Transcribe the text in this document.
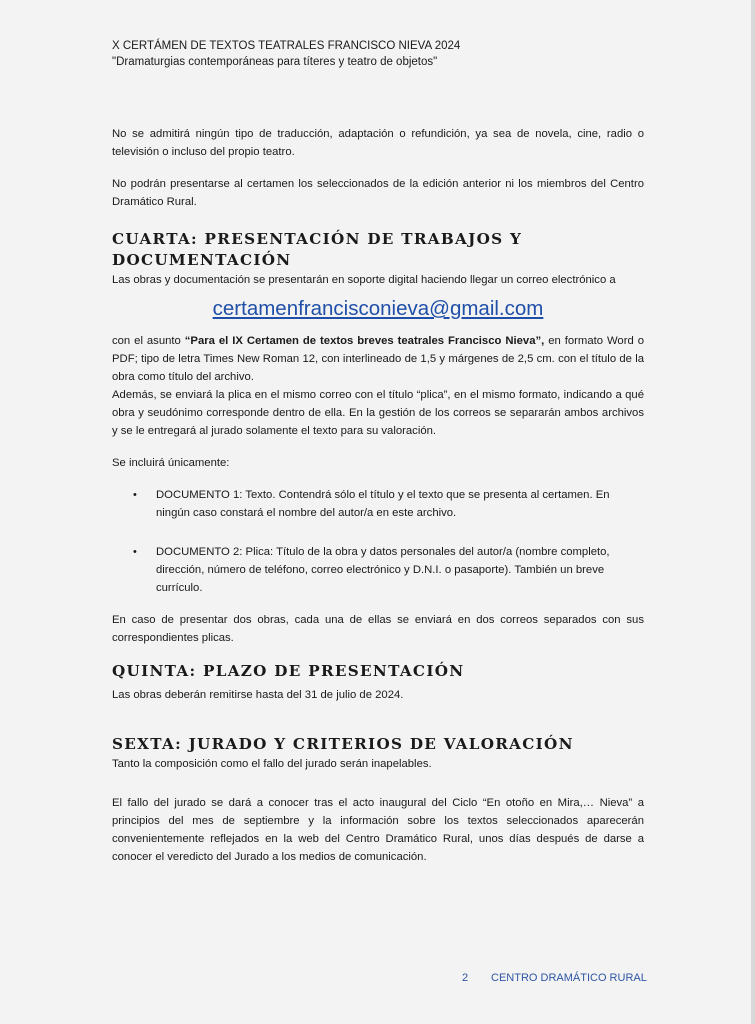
X CERTÁMEN DE TEXTOS TEATRALES FRANCISCO NIEVA 2024
"Dramaturgias contemporáneas para títeres y teatro de objetos"

No se admitirá ningún tipo de traducción, adaptación o refundición, ya sea de novela, cine, radio o televisión o incluso del propio teatro.

No podrán presentarse al certamen los seleccionados de la edición anterior ni los miembros del Centro Dramático Rural.

CUARTA: PRESENTACIÓN DE TRABAJOS Y DOCUMENTACIÓN

Las obras y documentación se presentarán en soporte digital haciendo llegar un correo electrónico a

certamenfrancisconieva@gmail.com

con el asunto “Para el IX Certamen de textos breves teatrales Francisco Nieva”, en formato Word o PDF; tipo de letra Times New Roman 12, con interlineado de 1,5 y márgenes de 2,5 cm. con el título de la obra como título del archivo.

Además, se enviará la plica en el mismo correo con el título “plica”, en el mismo formato, indicando a qué obra y seudónimo corresponde dentro de ella. En la gestión de los correos se separarán ambos archivos y se le entregará al jurado solamente el texto para su valoración.

Se incluirá únicamente:

• DOCUMENTO 1: Texto. Contendrá sólo el título y el texto que se presenta al certamen. En ningún caso constará el nombre del autor/a en este archivo.
• DOCUMENTO 2: Plica: Título de la obra y datos personales del autor/a (nombre completo, dirección, número de teléfono, correo electrónico y D.N.I. o pasaporte). También un breve currículo.

En caso de presentar dos obras, cada una de ellas se enviará en dos correos separados con sus correspondientes plicas.

QUINTA: PLAZO DE PRESENTACIÓN

Las obras deberán remitirse hasta del 31 de julio de 2024.

SEXTA: JURADO Y CRITERIOS DE VALORACIÓN

Tanto la composición como el fallo del jurado serán inapelables.

El fallo del jurado se dará a conocer tras el acto inaugural del Ciclo “En otoño en Mira,… Nieva” a principios del mes de septiembre y la información sobre los textos seleccionados aparecerán convenientemente reflejados en la web del Centro Dramático Rural, unos días después de darse a conocer el veredicto del Jurado a los medios de comunicación.

2 CENTRO DRAMÁTICO RURAL
